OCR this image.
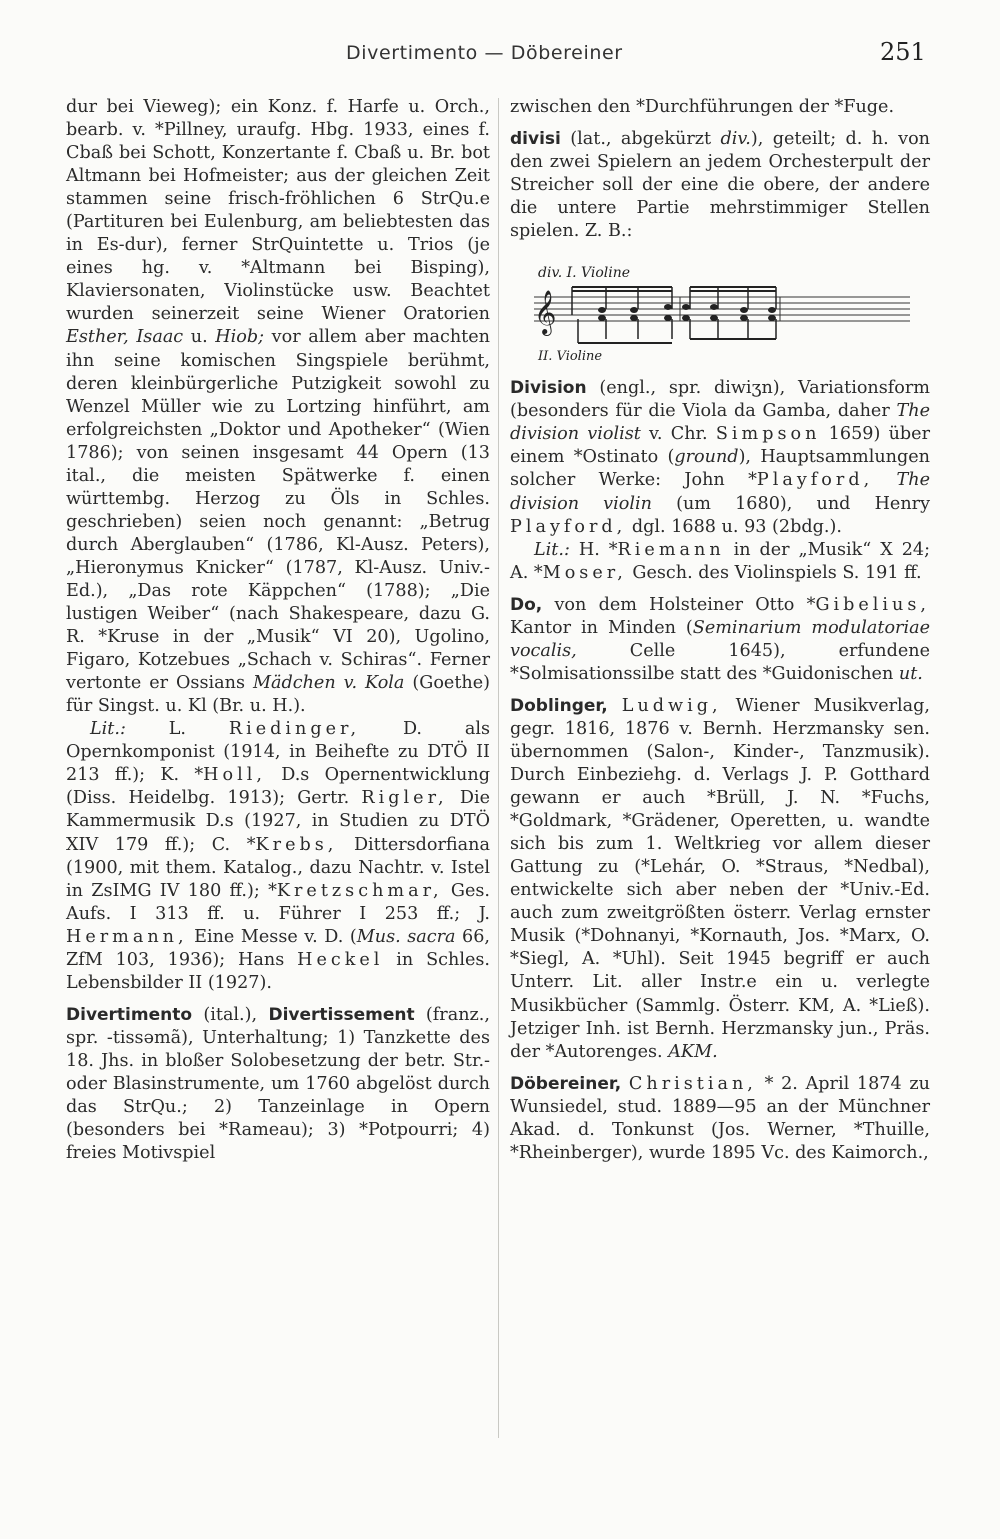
Divertimento — Döbereiner	251

dur bei Vieweg); ein Konz. f. Harfe u. Orch., bearb. v. *Pillney, uraufg. Hbg. 1933, eines f. Cbaß bei Schott, Konzertante f. Cbaß u. Br. bot Altmann bei Hofmeister; aus der gleichen Zeit stammen seine frisch-fröhlichen 6 StrQu.e (Partituren bei Eulenburg, am beliebtesten das in Es-dur), ferner StrQuintette u. Trios (je eines hg. v. *Altmann bei Bisping), Klaviersonaten, Violinstücke usw. Beachtet wurden seinerzeit seine Wiener Oratorien Esther, Isaac u. Hiob; vor allem aber machten ihn seine komischen Singspiele berühmt, deren kleinbürgerliche Putzigkeit sowohl zu Wenzel Müller wie zu Lortzing hinführt, am erfolgreichsten „Doktor und Apotheker“ (Wien 1786); von seinen insgesamt 44 Opern (13 ital., die meisten Spätwerke f. einen württembg. Herzog zu Öls in Schles. geschrieben) seien noch genannt: „Betrug durch Aberglauben“ (1786, Kl-Ausz. Peters), „Hieronymus Knicker“ (1787, Kl-Ausz. Univ.-Ed.), „Das rote Käppchen“ (1788); „Die lustigen Weiber“ (nach Shakespeare, dazu G. R. *Kruse in der „Musik“ VI 20), Ugolino, Figaro, Kotzebues „Schach v. Schiras“. Ferner vertonte er Ossians Mädchen v. Kola (Goethe) für Singst. u. Kl (Br. u. H.).

Lit.: L. Riedinger, D. als Opernkomponist (1914, in Beihefte zu DTÖ II 213 ff.); K. *Holl, D.s Opernentwicklung (Diss. Heidelbg. 1913); Gertr. Rigler, Die Kammermusik D.s (1927, in Studien zu DTÖ XIV 179 ff.); C. *Krebs, Dittersdorfiana (1900, mit them. Katalog., dazu Nachtr. v. Istel in ZsIMG IV 180 ff.); *Kretzschmar, Ges. Aufs. I 313 ff. u. Führer I 253 ff.; J. Hermann, Eine Messe v. D. (Mus. sacra 66, ZfM 103, 1936); Hans Heckel in Schles. Lebensbilder II (1927).

Divertimento (ital.), Divertissement (franz., spr. -tissəmã), Unterhaltung; 1) Tanzkette des 18. Jhs. in bloßer Solobesetzung der betr. Str.- oder Blasinstrumente, um 1760 abgelöst durch das StrQu.; 2) Tanzeinlage in Opern (besonders bei *Rameau); 3) *Potpourri; 4) freies Motivspiel

zwischen den *Durchführungen der *Fuge.

divisi (lat., abgekürzt div.), geteilt; d. h. von den zwei Spielern an jedem Orchesterpult der Streicher soll der eine die obere, der andere die untere Partie mehrstimmiger Stellen spielen. Z. B.:

div. I. Violine
𝄞
II. Violine

Division (engl., spr. diwiʒn), Variationsform (besonders für die Viola da Gamba, daher The division violist v. Chr. Simpson 1659) über einem *Ostinato (ground), Hauptsammlungen solcher Werke: John *Playford, The division violin (um 1680), und Henry Playford, dgl. 1688 u. 93 (2bdg.).

Lit.: H. *Riemann in der „Musik“ X 24; A. *Moser, Gesch. des Violinspiels S. 191 ff.

Do, von dem Holsteiner Otto *Gibelius, Kantor in Minden (Seminarium modulatoriae vocalis, Celle 1645), erfundene *Solmisationssilbe statt des *Guidonischen ut.

Doblinger, Ludwig, Wiener Musikverlag, gegr. 1816, 1876 v. Bernh. Herzmansky sen. übernommen (Salon-, Kinder-, Tanzmusik). Durch Einbeziehg. d. Verlags J. P. Gotthard gewann er auch *Brüll, J. N. *Fuchs, *Goldmark, *Grädener, Operetten, u. wandte sich bis zum 1. Weltkrieg vor allem dieser Gattung zu (*Lehár, O. *Straus, *Nedbal), entwickelte sich aber neben der *Univ.-Ed. auch zum zweitgrößten österr. Verlag ernster Musik (*Dohnanyi, *Kornauth, Jos. *Marx, O. *Siegl, A. *Uhl). Seit 1945 begriff er auch Unterr. Lit. aller Instr.e ein u. verlegte Musikbücher (Sammlg. Österr. KM, A. *Ließ). Jetziger Inh. ist Bernh. Herzmansky jun., Präs. der *Autorenges. AKM.

Döbereiner, Christian, * 2. April 1874 zu Wunsiedel, stud. 1889—95 an der Münchner Akad. d. Tonkunst (Jos. Werner, *Thuille, *Rheinberger), wurde 1895 Vc. des Kaimorch.,
